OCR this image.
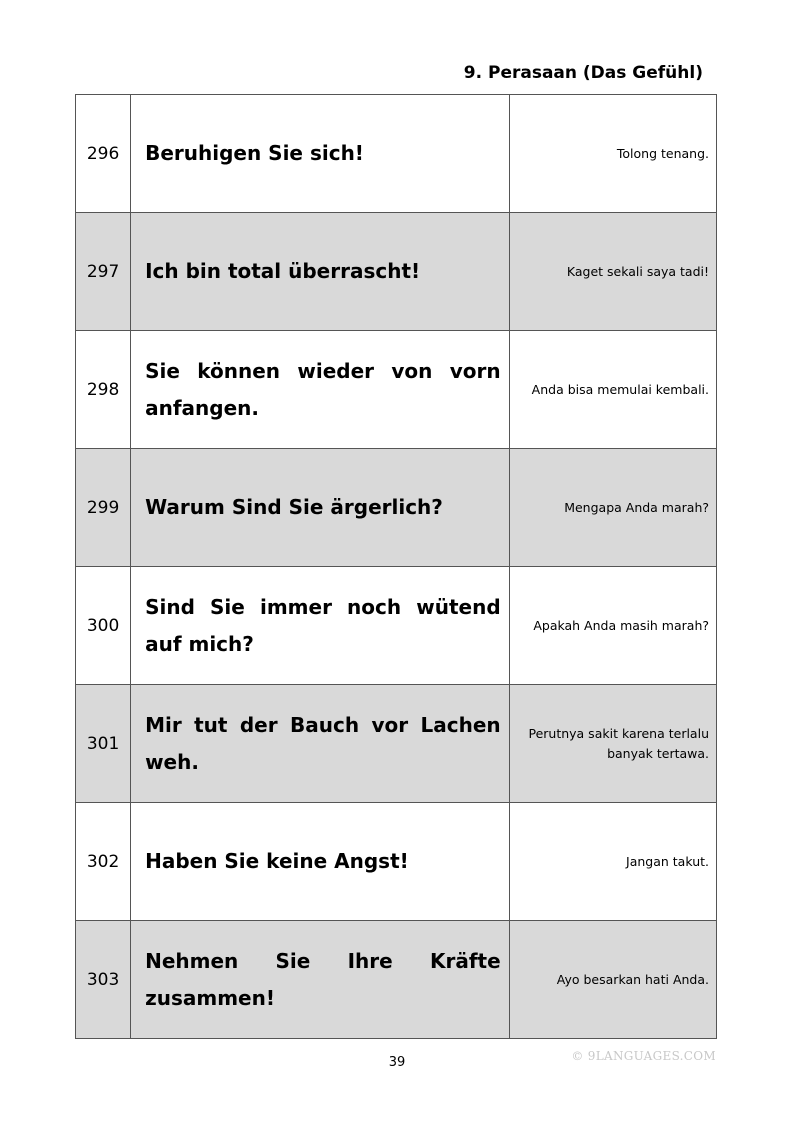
9. Perasaan (Das Gefühl)
296	Beruhigen Sie sich!	Tolong tenang.
297	Ich bin total überrascht!	Kaget sekali saya tadi!
298	Sie können wieder von vorn anfangen.	Anda bisa memulai kembali.
299	Warum Sind Sie ärgerlich?	Mengapa Anda marah?
300	Sind Sie immer noch wütend auf mich?	Apakah Anda masih marah?
301	Mir tut der Bauch vor Lachen weh.	Perutnya sakit karena terlalu banyak tertawa.
302	Haben Sie keine Angst!	Jangan takut.
303	Nehmen Sie Ihre Kräfte zusammen!	Ayo besarkan hati Anda.
39	© 9LANGUAGES.COM
